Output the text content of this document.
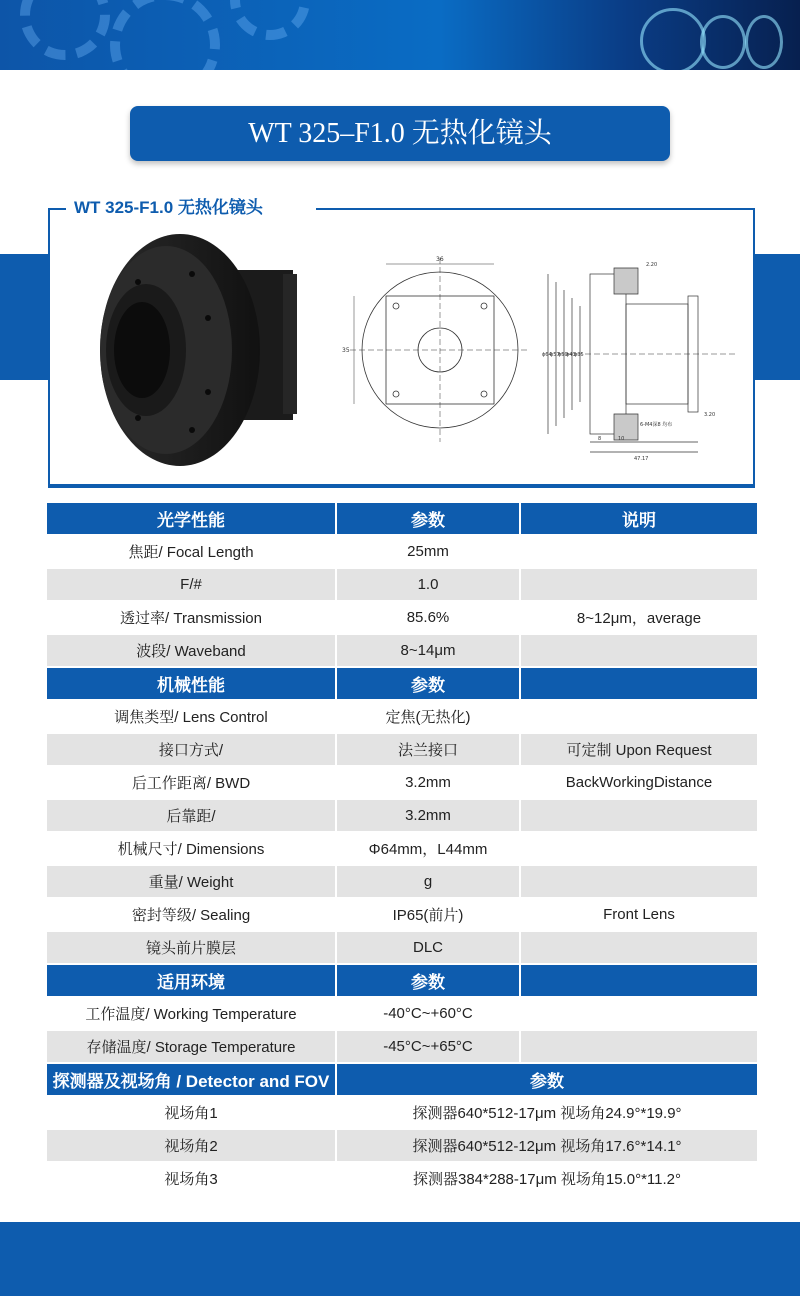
WT 325–F1.0 无热化镜头
36
35
2.20
ɸ64
ɸ57
ɸ50
ɸ43
ɸ35
6-M4深8 均布
8	10
3.20
47.17
WT 325-F1.0 无热化镜头
光学性能	参数	说明
焦距/ Focal Length	25mm	
F/#	1.0	
透过率/ Transmission	85.6%	8~12μm，average
波段/ Waveband	8~14μm	
机械性能	参数	
调焦类型/ Lens Control	定焦(无热化)	
接口方式/	法兰接口	可定制 Upon Request
后工作距离/ BWD	3.2mm	BackWorkingDistance
后靠距/	3.2mm	
机械尺寸/ Dimensions	Φ64mm，L44mm	
重量/ Weight	g	
密封等级/ Sealing	IP65(前片)	Front Lens
镜头前片膜层	DLC	
适用环境	参数	
工作温度/ Working Temperature	-40°C~+60°C	
存储温度/ Storage Temperature	-45°C~+65°C	
探测器及视场角 / Detector and FOV	参数	
视场角1	探测器640*512-17μm 视场角24.9°*19.9°	
视场角2	探测器640*512-12μm 视场角17.6°*14.1°	
视场角3	探测器384*288-17μm 视场角15.0°*11.2°	
